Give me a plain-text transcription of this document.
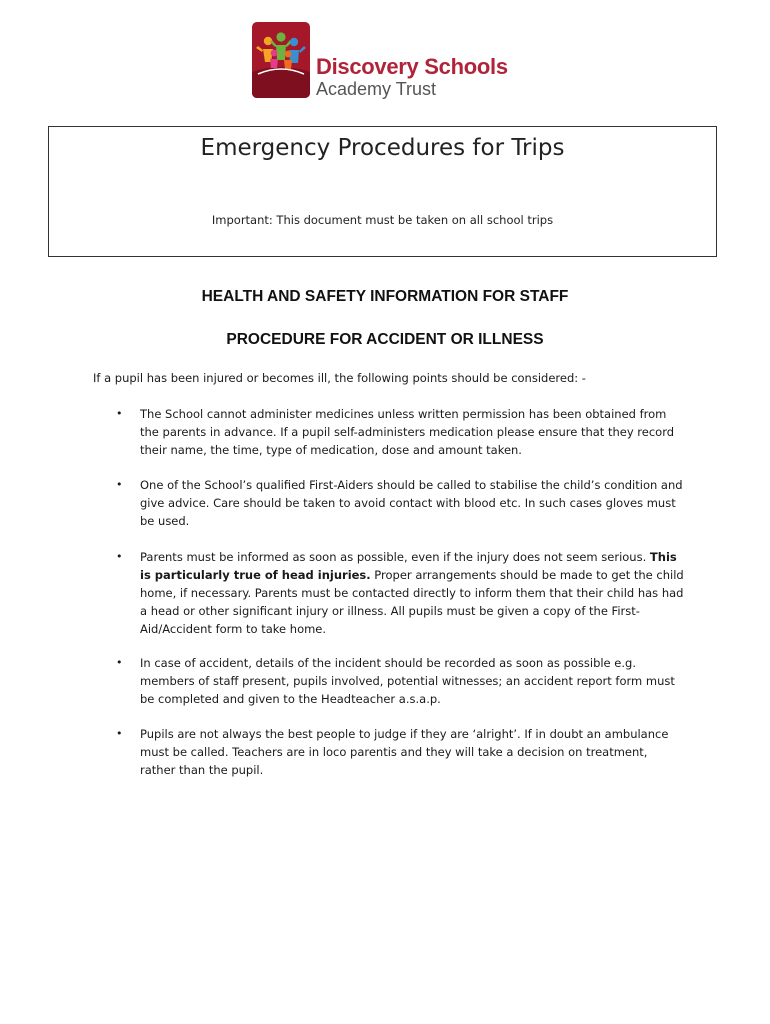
Discovery Schools
Academy Trust
Emergency Procedures for Trips
Important: This document must be taken on all school trips
HEALTH AND SAFETY INFORMATION FOR STAFF
PROCEDURE FOR ACCIDENT OR ILLNESS
If a pupil has been injured or becomes ill, the following points should be considered: -
• The School cannot administer medicines unless written permission has been obtained from the parents in advance. If a pupil self-administers medication please ensure that they record their name, the time, type of medication, dose and amount taken.
• One of the School’s qualified First-Aiders should be called to stabilise the child’s condition and give advice. Care should be taken to avoid contact with blood etc. In such cases gloves must be used.
• Parents must be informed as soon as possible, even if the injury does not seem serious. This is particularly true of head injuries. Proper arrangements should be made to get the child home, if necessary. Parents must be contacted directly to inform them that their child has had a head or other significant injury or illness. All pupils must be given a copy of the First-Aid/Accident form to take home.
• In case of accident, details of the incident should be recorded as soon as possible e.g. members of staff present, pupils involved, potential witnesses; an accident report form must be completed and given to the Headteacher a.s.a.p.
• Pupils are not always the best people to judge if they are ‘alright’. If in doubt an ambulance must be called. Teachers are in loco parentis and they will take a decision on treatment, rather than the pupil.
